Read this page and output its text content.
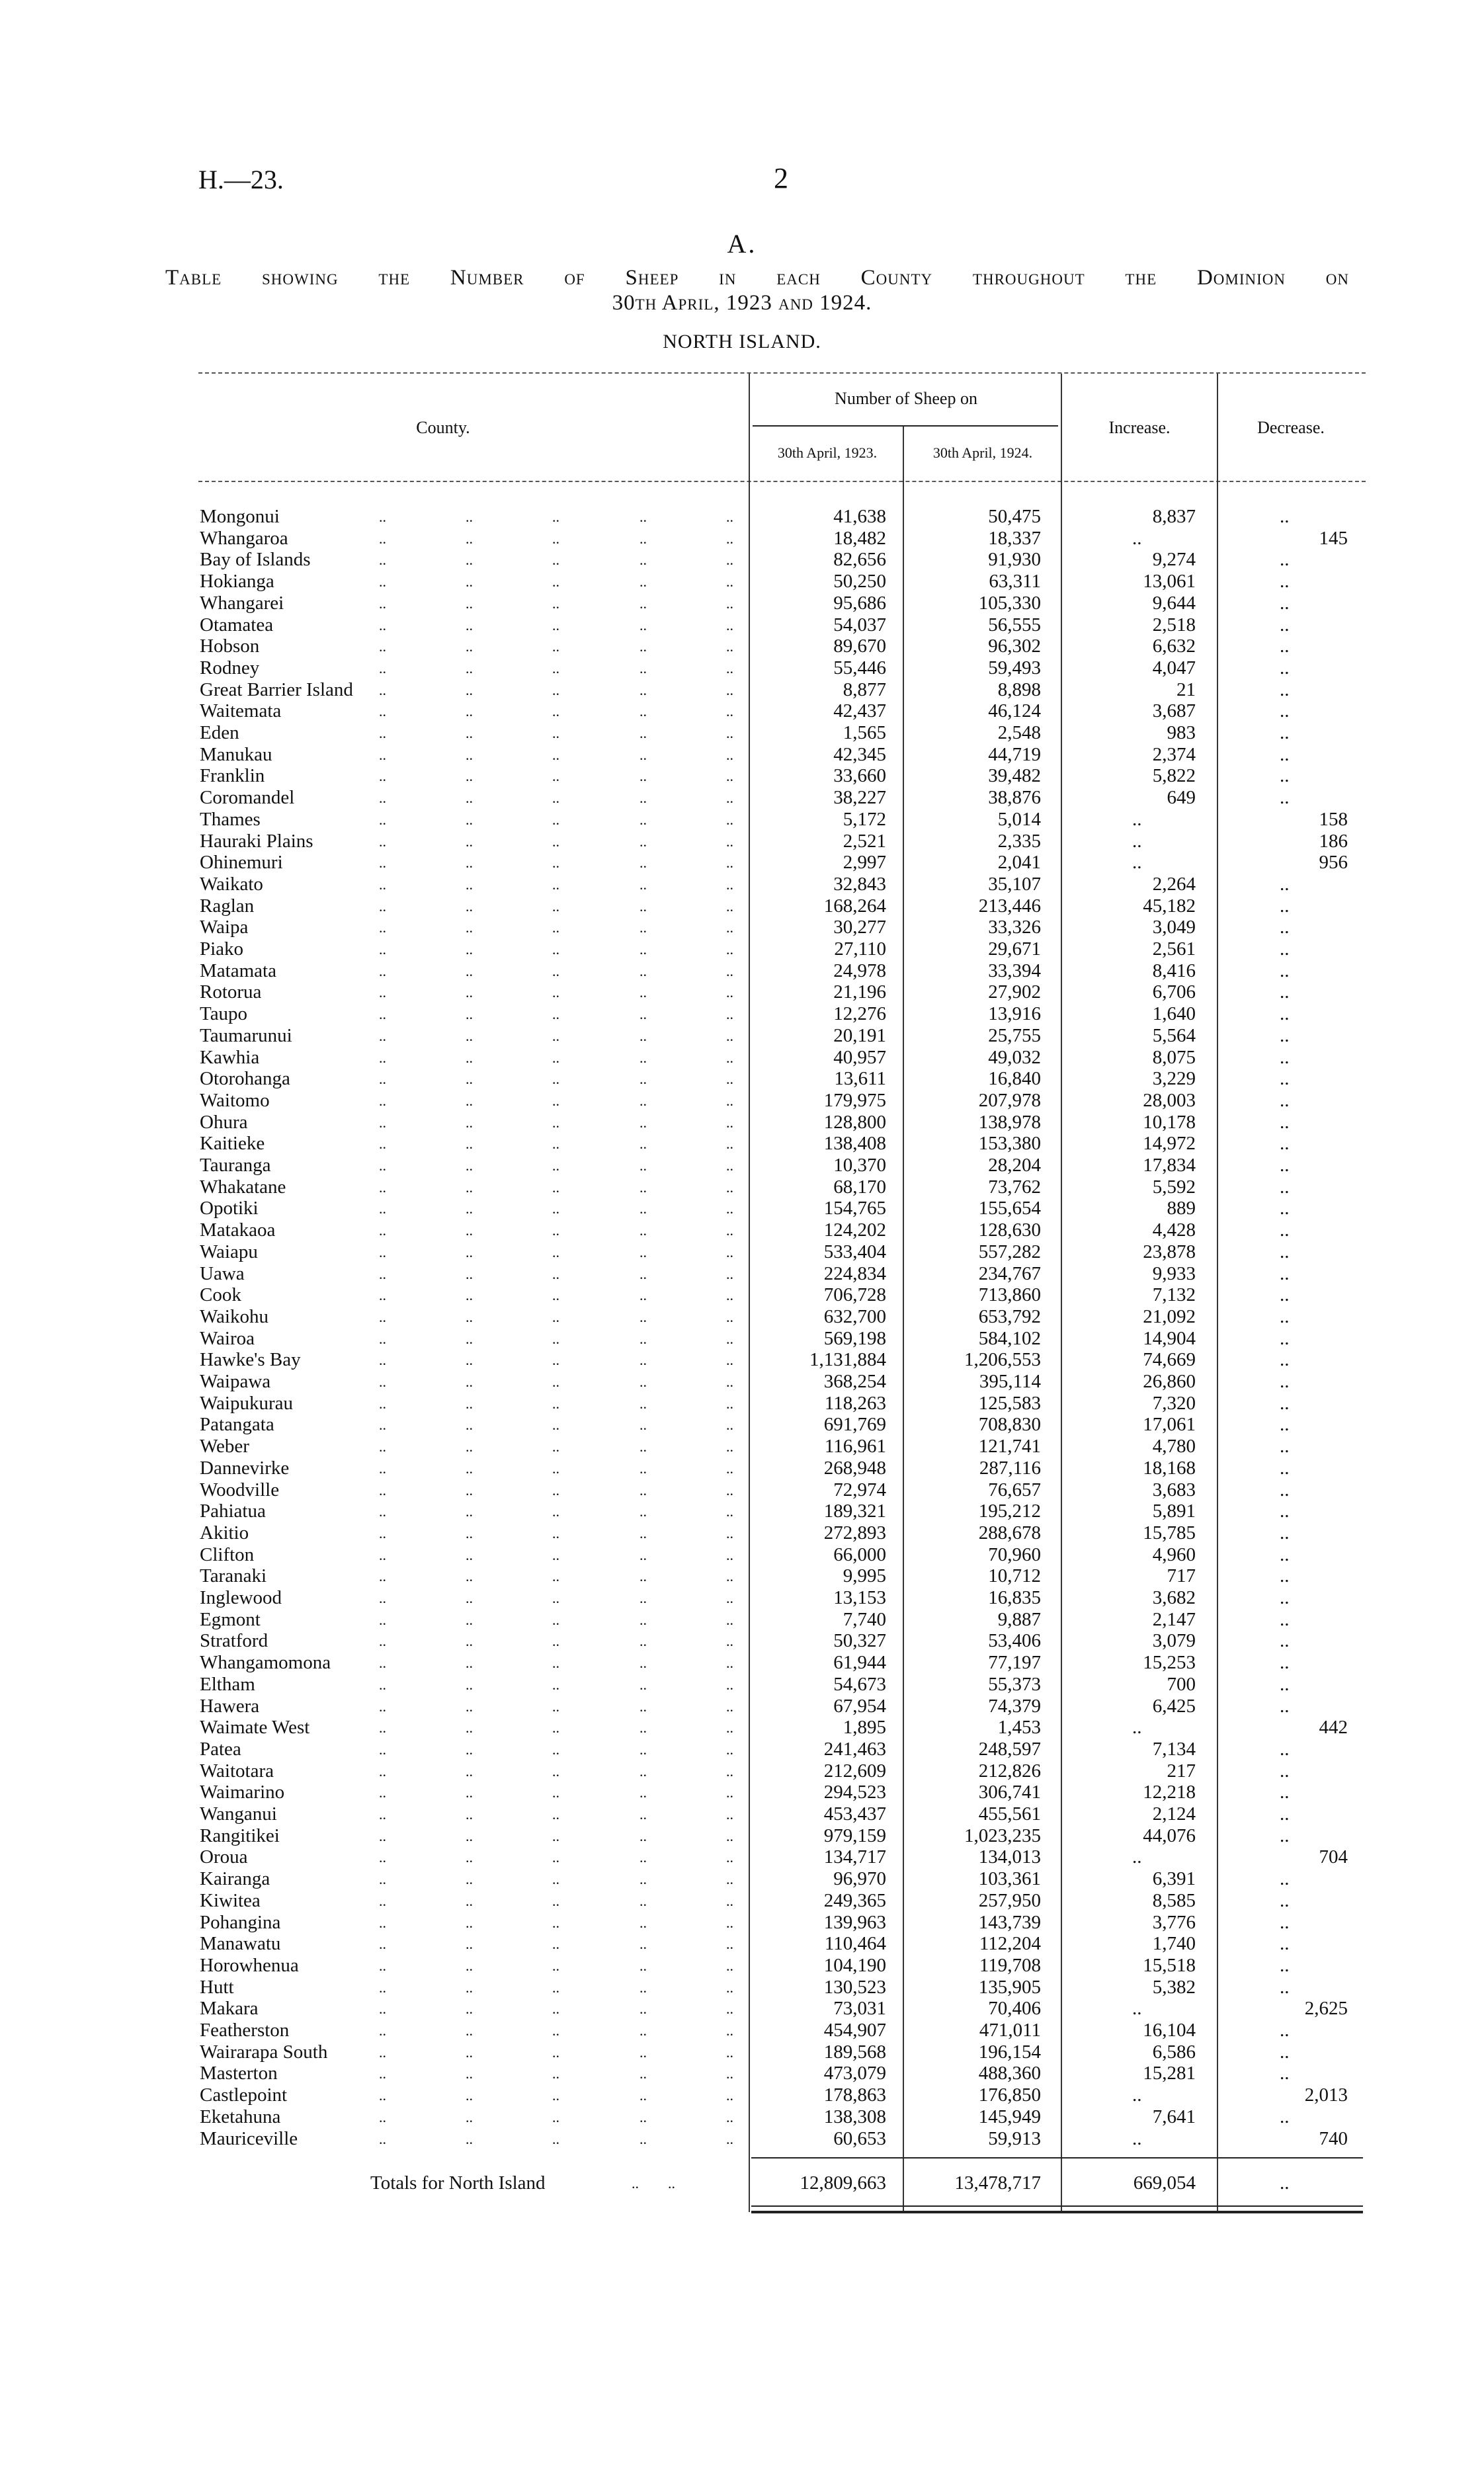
H.—23.	2
A.
Table showing the Number of Sheep in each County throughout the Dominion on
30th April, 1923 and 1924.
NORTH ISLAND.
County.
Number of Sheep on
30th April, 1923.	30th April, 1924.
Increase.	Decrease.
Mongonui	..	..	..	..	..	41,638	50,475	8,837	..
Whangaroa	..	..	..	..	..	18,482	18,337	..	145
Bay of Islands	..	..	..	..	..	82,656	91,930	9,274	..
Hokianga	..	..	..	..	..	50,250	63,311	13,061	..
Whangarei	..	..	..	..	..	95,686	105,330	9,644	..
Otamatea	..	..	..	..	..	54,037	56,555	2,518	..
Hobson	..	..	..	..	..	89,670	96,302	6,632	..
Rodney	..	..	..	..	..	55,446	59,493	4,047	..
Great Barrier Island ..	..	..	..	..	8,877	8,898	21	..
Waitemata	..	..	..	..	..	42,437	46,124	3,687	..
Eden	..	..	..	..	..	1,565	2,548	983	..
Manukau	..	..	..	..	..	42,345	44,719	2,374	..
Franklin	..	..	..	..	..	33,660	39,482	5,822	..
Coromandel	..	..	..	..	..	38,227	38,876	649	..
Thames	..	..	..	..	..	5,172	5,014	..	158
Hauraki Plains	..	..	..	..	..	2,521	2,335	..	186
Ohinemuri	..	..	..	..	..	2,997	2,041	..	956
Waikato	..	..	..	..	..	32,843	35,107	2,264	..
Raglan	..	..	..	..	..	168,264	213,446	45,182	..
Waipa	..	..	..	..	..	30,277	33,326	3,049	..
Piako	..	..	..	..	..	27,110	29,671	2,561	..
Matamata	..	..	..	..	..	24,978	33,394	8,416	..
Rotorua	..	..	..	..	..	21,196	27,902	6,706	..
Taupo	..	..	..	..	..	12,276	13,916	1,640	..
Taumarunui	..	..	..	..	..	20,191	25,755	5,564	..
Kawhia	..	..	..	..	..	40,957	49,032	8,075	..
Otorohanga	..	..	..	..	..	13,611	16,840	3,229	..
Waitomo	..	..	..	..	..	179,975	207,978	28,003	..
Ohura	..	..	..	..	..	128,800	138,978	10,178	..
Kaitieke	..	..	..	..	..	138,408	153,380	14,972	..
Tauranga	..	..	..	..	..	10,370	28,204	17,834	..
Whakatane	..	..	..	..	..	68,170	73,762	5,592	..
Opotiki	..	..	..	..	..	154,765	155,654	889	..
Matakaoa	..	..	..	..	..	124,202	128,630	4,428	..
Waiapu	..	..	..	..	..	533,404	557,282	23,878	..
Uawa	..	..	..	..	..	224,834	234,767	9,933	..
Cook	..	..	..	..	..	706,728	713,860	7,132	..
Waikohu	..	..	..	..	..	632,700	653,792	21,092	..
Wairoa	..	..	..	..	..	569,198	584,102	14,904	..
Hawke's Bay	..	..	..	..	..	1,131,884	1,206,553	74,669	..
Waipawa	..	..	..	..	..	368,254	395,114	26,860	..
Waipukurau	..	..	..	..	..	118,263	125,583	7,320	..
Patangata	..	..	..	..	..	691,769	708,830	17,061	..
Weber	..	..	..	..	..	116,961	121,741	4,780	..
Dannevirke	..	..	..	..	..	268,948	287,116	18,168	..
Woodville	..	..	..	..	..	72,974	76,657	3,683	..
Pahiatua	..	..	..	..	..	189,321	195,212	5,891	..
Akitio	..	..	..	..	..	272,893	288,678	15,785	..
Clifton	..	..	..	..	..	66,000	70,960	4,960	..
Taranaki	..	..	..	..	..	9,995	10,712	717	..
Inglewood	..	..	..	..	..	13,153	16,835	3,682	..
Egmont	..	..	..	..	..	7,740	9,887	2,147	..
Stratford	..	..	..	..	..	50,327	53,406	3,079	..
Whangamomona	..	..	..	..	..	61,944	77,197	15,253	..
Eltham	..	..	..	..	..	54,673	55,373	700	..
Hawera	..	..	..	..	..	67,954	74,379	6,425	..
Waimate West	..	..	..	..	..	1,895	1,453	..	442
Patea	..	..	..	..	..	241,463	248,597	7,134	..
Waitotara	..	..	..	..	..	212,609	212,826	217	..
Waimarino	..	..	..	..	..	294,523	306,741	12,218	..
Wanganui	..	..	..	..	..	453,437	455,561	2,124	..
Rangitikei	..	..	..	..	..	979,159	1,023,235	44,076	..
Oroua	..	..	..	..	..	134,717	134,013	..	704
Kairanga	..	..	..	..	..	96,970	103,361	6,391	..
Kiwitea	..	..	..	..	..	249,365	257,950	8,585	..
Pohangina	..	..	..	..	..	139,963	143,739	3,776	..
Manawatu	..	..	..	..	..	110,464	112,204	1,740	..
Horowhenua	..	..	..	..	..	104,190	119,708	15,518	..
Hutt	..	..	..	..	..	130,523	135,905	5,382	..
Makara	..	..	..	..	..	73,031	70,406	..	2,625
Featherston	..	..	..	..	..	454,907	471,011	16,104	..
Wairarapa South	..	..	..	..	..	189,568	196,154	6,586	..
Masterton	..	..	..	..	..	473,079	488,360	15,281	..
Castlepoint	..	..	..	..	..	178,863	176,850	..	2,013
Eketahuna	..	..	..	..	..	138,308	145,949	7,641	..
Mauriceville	..	..	..	..	..	60,653	59,913	..	740
Totals for North Island	..        ..	12,809,663	13,478,717	669,054	..
